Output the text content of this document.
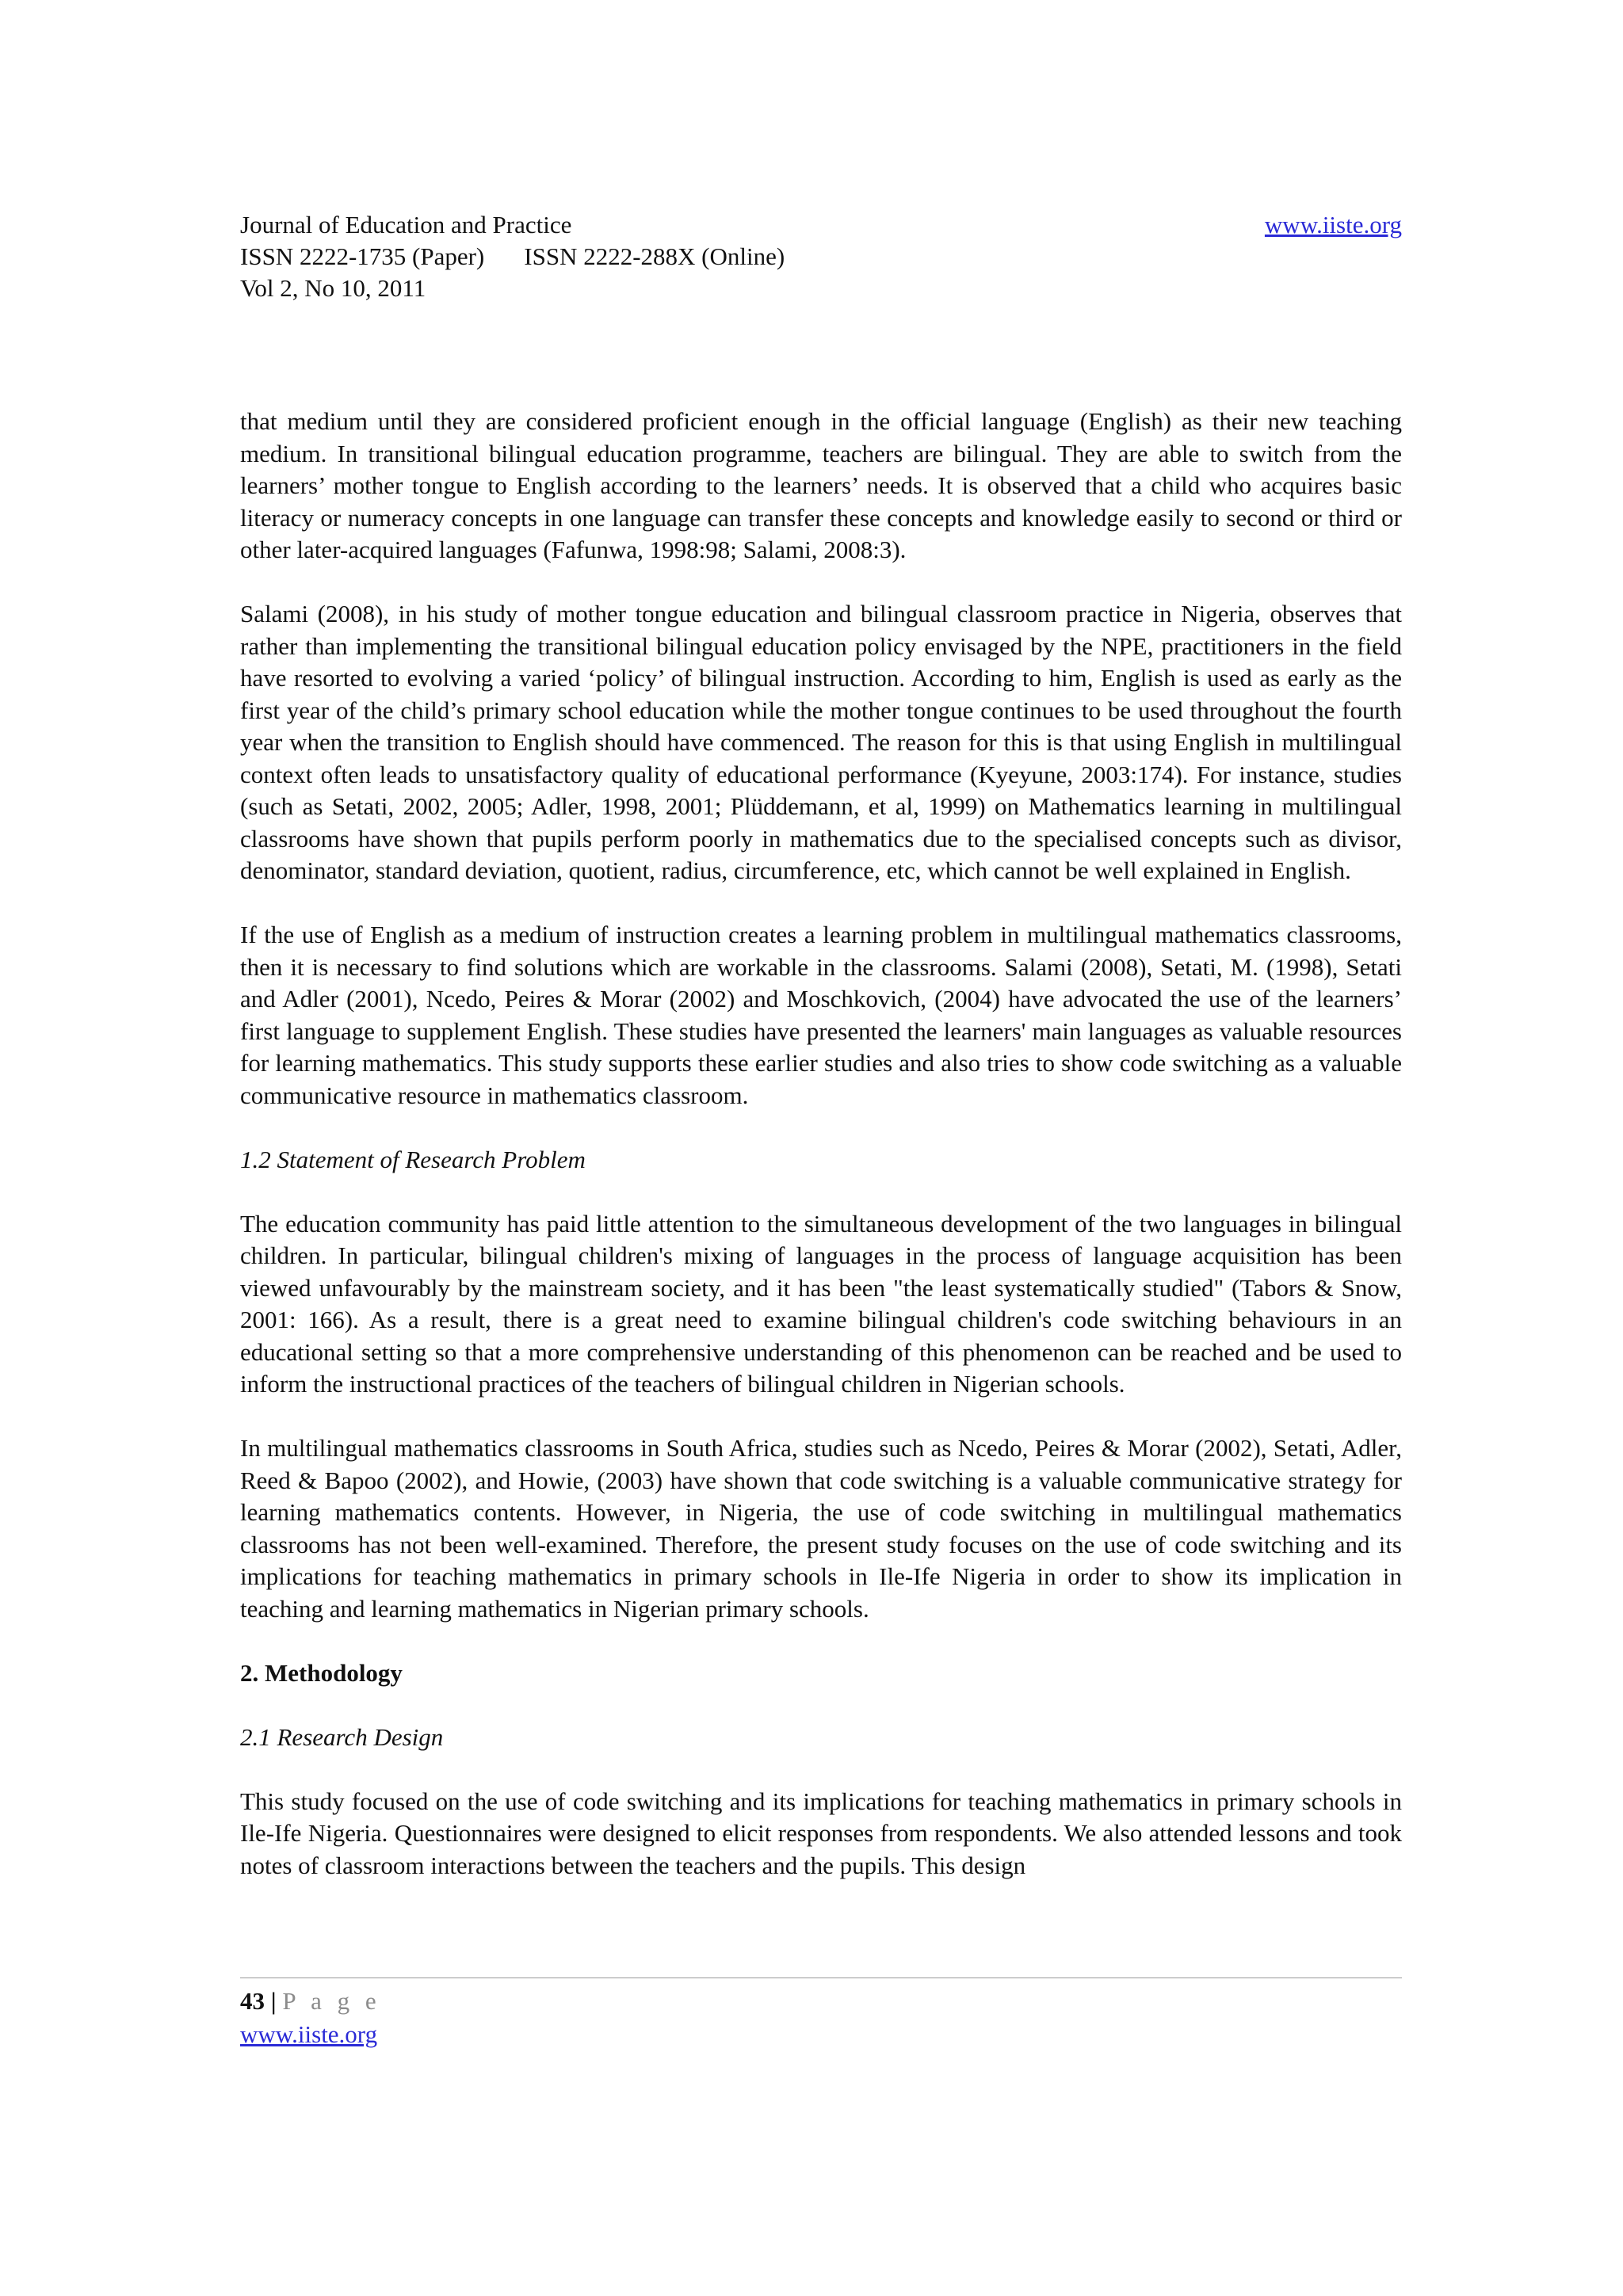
Journal of Education and Practice	www.iiste.org
ISSN 2222-1735 (Paper) ISSN 2222-288X (Online)
Vol 2, No 10, 2011

that medium until they are considered proficient enough in the official language (English) as their new teaching medium. In transitional bilingual education programme, teachers are bilingual. They are able to switch from the learners’ mother tongue to English according to the learners’ needs. It is observed that a child who acquires basic literacy or numeracy concepts in one language can transfer these concepts and knowledge easily to second or third or other later-acquired languages (Fafunwa, 1998:98; Salami, 2008:3).

Salami (2008), in his study of mother tongue education and bilingual classroom practice in Nigeria, observes that rather than implementing the transitional bilingual education policy envisaged by the NPE, practitioners in the field have resorted to evolving a varied ‘policy’ of bilingual instruction. According to him, English is used as early as the first year of the child’s primary school education while the mother tongue continues to be used throughout the fourth year when the transition to English should have commenced. The reason for this is that using English in multilingual context often leads to unsatisfactory quality of educational performance (Kyeyune, 2003:174). For instance, studies (such as Setati, 2002, 2005; Adler, 1998, 2001; Plüddemann, et al, 1999) on Mathematics learning in multilingual classrooms have shown that pupils perform poorly in mathematics due to the specialised concepts such as divisor, denominator, standard deviation, quotient, radius, circumference, etc, which cannot be well explained in English.

If the use of English as a medium of instruction creates a learning problem in multilingual mathematics classrooms, then it is necessary to find solutions which are workable in the classrooms. Salami (2008), Setati, M. (1998), Setati and Adler (2001), Ncedo, Peires & Morar (2002) and Moschkovich, (2004) have advocated the use of the learners’ first language to supplement English. These studies have presented the learners' main languages as valuable resources for learning mathematics. This study supports these earlier studies and also tries to show code switching as a valuable communicative resource in mathematics classroom.

1.2 Statement of Research Problem

The education community has paid little attention to the simultaneous development of the two languages in bilingual children. In particular, bilingual children's mixing of languages in the process of language acquisition has been viewed unfavourably by the mainstream society, and it has been "the least systematically studied" (Tabors & Snow, 2001: 166). As a result, there is a great need to examine bilingual children's code switching behaviours in an educational setting so that a more comprehensive understanding of this phenomenon can be reached and be used to inform the instructional practices of the teachers of bilingual children in Nigerian schools.

In multilingual mathematics classrooms in South Africa, studies such as Ncedo, Peires & Morar (2002), Setati, Adler, Reed & Bapoo (2002), and Howie, (2003) have shown that code switching is a valuable communicative strategy for learning mathematics contents. However, in Nigeria, the use of code switching in multilingual mathematics classrooms has not been well-examined. Therefore, the present study focuses on the use of code switching and its implications for teaching mathematics in primary schools in Ile-Ife Nigeria in order to show its implication in teaching and learning mathematics in Nigerian primary schools.

2. Methodology
2.1 Research Design

This study focused on the use of code switching and its implications for teaching mathematics in primary schools in Ile-Ife Nigeria. Questionnaires were designed to elicit responses from respondents. We also attended lessons and took notes of classroom interactions between the teachers and the pupils. This design

43 | P a g e
www.iiste.org
